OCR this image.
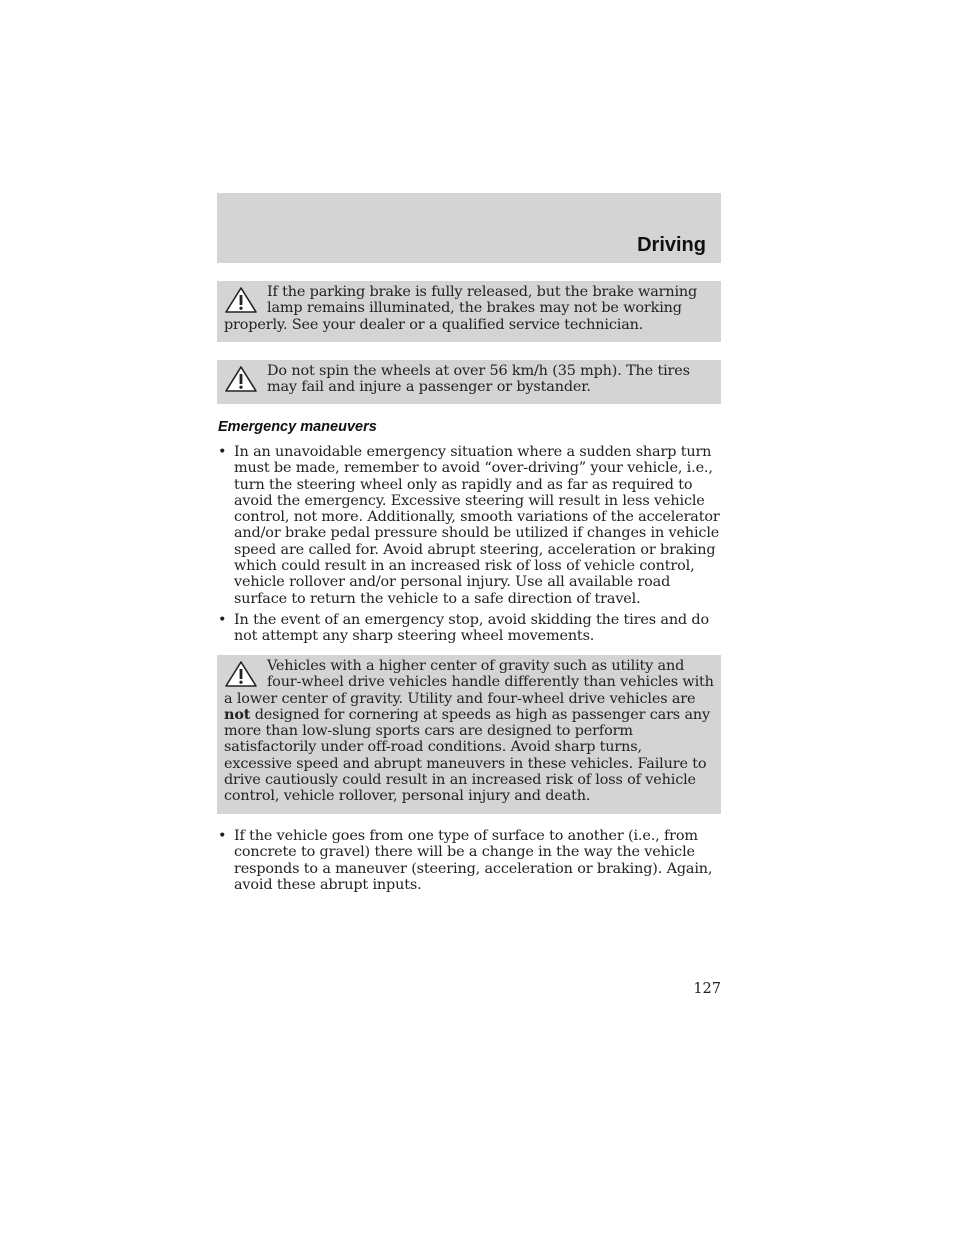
Driving
If the parking brake is fully released, but the brake warning lamp remains illuminated, the brakes may not be working properly. See your dealer or a qualified service technician.
Do not spin the wheels at over 56 km/h (35 mph). The tires may fail and injure a passenger or bystander.
Emergency maneuvers
• In an unavoidable emergency situation where a sudden sharp turn must be made, remember to avoid “over-driving” your vehicle, i.e., turn the steering wheel only as rapidly and as far as required to avoid the emergency. Excessive steering will result in less vehicle control, not more. Additionally, smooth variations of the accelerator and/or brake pedal pressure should be utilized if changes in vehicle speed are called for. Avoid abrupt steering, acceleration or braking which could result in an increased risk of loss of vehicle control, vehicle rollover and/or personal injury. Use all available road surface to return the vehicle to a safe direction of travel.
• In the event of an emergency stop, avoid skidding the tires and do not attempt any sharp steering wheel movements.
Vehicles with a higher center of gravity such as utility and four-wheel drive vehicles handle differently than vehicles with a lower center of gravity. Utility and four-wheel drive vehicles are not designed for cornering at speeds as high as passenger cars any more than low-slung sports cars are designed to perform satisfactorily under off-road conditions. Avoid sharp turns, excessive speed and abrupt maneuvers in these vehicles. Failure to drive cautiously could result in an increased risk of loss of vehicle control, vehicle rollover, personal injury and death.
• If the vehicle goes from one type of surface to another (i.e., from concrete to gravel) there will be a change in the way the vehicle responds to a maneuver (steering, acceleration or braking). Again, avoid these abrupt inputs.
127
